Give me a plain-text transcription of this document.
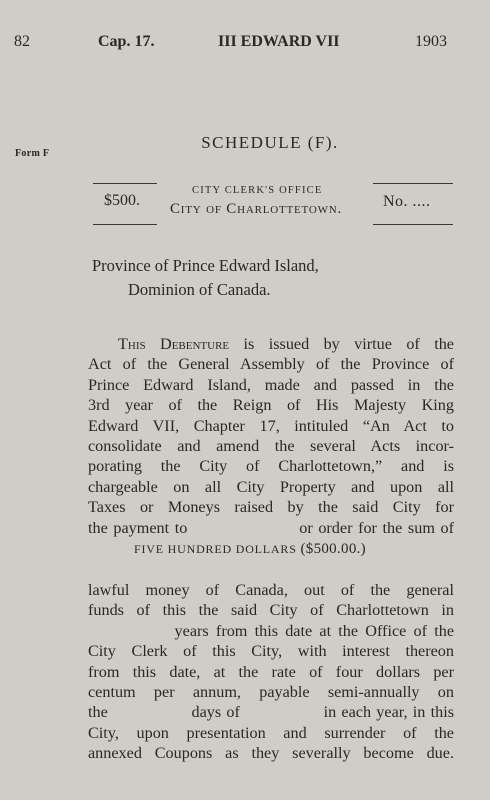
82	Cap. 17.	III EDWARD VII	1903
Form F
SCHEDULE (F).
$500.
CITY CLERK'S OFFICE
City of Charlottetown.	No. ....
Province of Prince Edward Island,
Dominion of Canada.
This Debenture is issued by virtue of the
Act of the General Assembly of the Province of
Prince Edward Island, made and passed in the
3rd year of the Reign of His Majesty King
Edward VII, Chapter 17, intituled “An Act to
consolidate and amend the several Acts incor-
porating the City of Charlottetown,” and is
chargeable on all City Property and upon all
Taxes or Moneys raised by the said City for
the payment to                    or order for the sum of
FIVE HUNDRED DOLLARS ($500.00.)
lawful money of Canada, out of the general
funds of this the said City of Charlottetown in
years from this date at the Office of the
City Clerk of this City, with interest thereon
from this date, at the rate of four dollars per
centum per annum, payable semi-annually on
the                days of                in each year, in this
City, upon presentation and surrender of the
annexed Coupons as they severally become due.
